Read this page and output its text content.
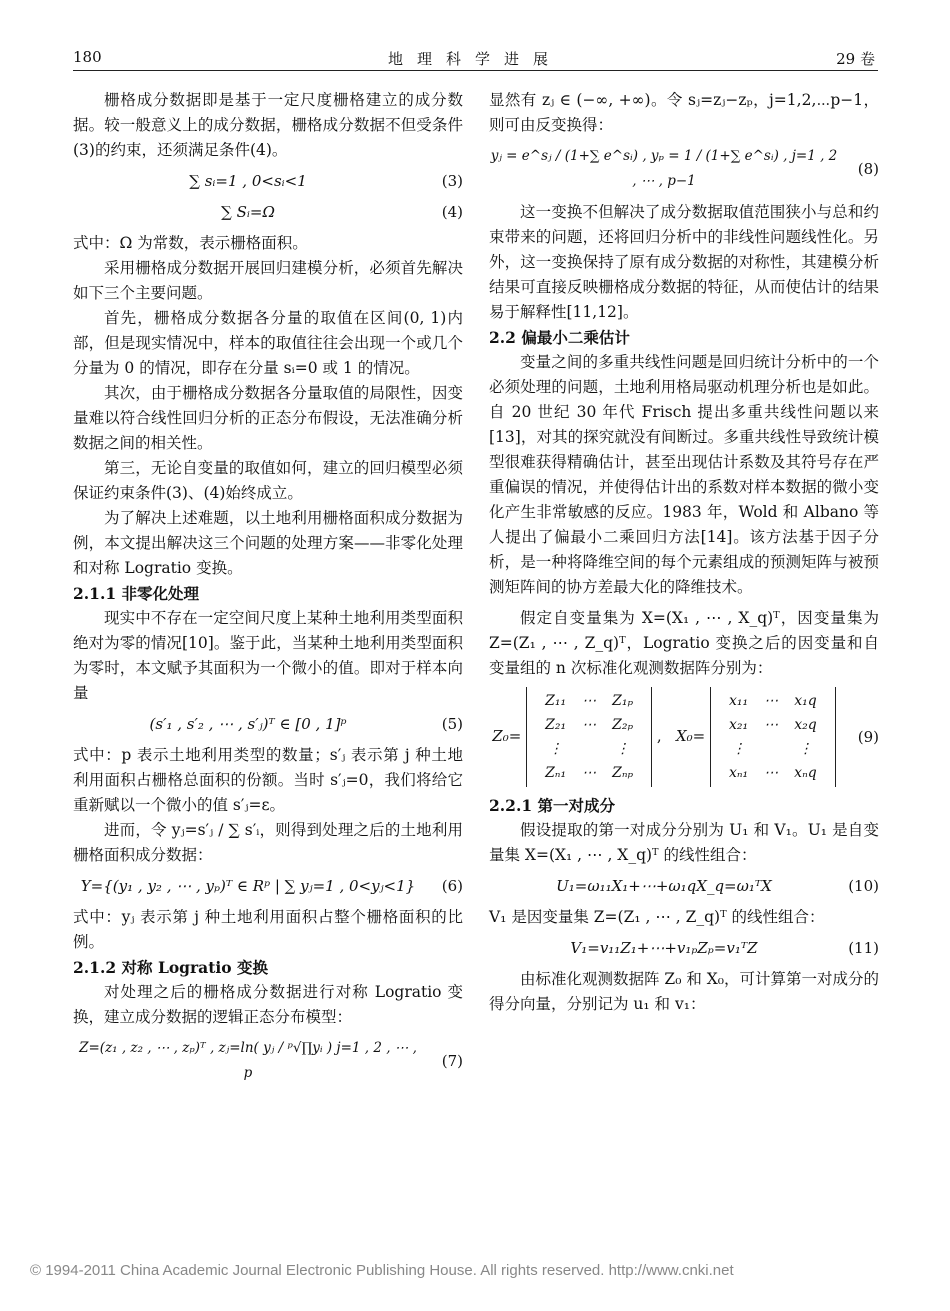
180	地理科学进展	29 卷

栅格成分数据即是基于一定尺度栅格建立的成分数据。较一般意义上的成分数据，栅格成分数据不但受条件(3)的约束，还须满足条件(4)。

∑ sᵢ=1 , 0<sᵢ<1	(3)
∑ Sᵢ=Ω	(4)

式中：Ω 为常数，表示栅格面积。

采用栅格成分数据开展回归建模分析，必须首先解决如下三个主要问题。

首先，栅格成分数据各分量的取值在区间(0, 1)内部，但是现实情况中，样本的取值往往会出现一个或几个分量为 0 的情况，即存在分量 sᵢ=0 或 1 的情况。

其次，由于栅格成分数据各分量取值的局限性，因变量难以符合线性回归分析的正态分布假设，无法准确分析数据之间的相关性。

第三，无论自变量的取值如何，建立的回归模型必须保证约束条件(3)、(4)始终成立。

为了解决上述难题，以土地利用栅格面积成分数据为例，本文提出解决这三个问题的处理方案——非零化处理和对称 Logratio 变换。

2.1.1 非零化处理

现实中不存在一定空间尺度上某种土地利用类型面积绝对为零的情况[10]。鉴于此，当某种土地利用类型面积为零时，本文赋予其面积为一个微小的值。即对于样本向量

(s′₁ , s′₂ , ⋯ , s′ⱼ)ᵀ ∈ [0 , 1]ᵖ	(5)

式中：p 表示土地利用类型的数量；s′ⱼ 表示第 j 种土地利用面积占栅格总面积的份额。当时 s′ⱼ=0，我们将给它重新赋以一个微小的值 s′ⱼ=ε。

进而，令 yⱼ=s′ⱼ / ∑ s′ᵢ，则得到处理之后的土地利用栅格面积成分数据：

Y={(y₁ , y₂ , ⋯ , yₚ)ᵀ ∈ Rᵖ | ∑ yⱼ=1 , 0<yⱼ<1}	(6)

式中：yⱼ 表示第 j 种土地利用面积占整个栅格面积的比例。

2.1.2 对称 Logratio 变换

对处理之后的栅格成分数据进行对称 Logratio 变换，建立成分数据的逻辑正态分布模型：

Z=(z₁ , z₂ , ⋯ , zₚ)ᵀ , zⱼ=ln( yⱼ / ᵖ√∏yᵢ ) j=1 , 2 , ⋯ , p
(7)

显然有 zⱼ ∈ (−∞, +∞)。令 sⱼ=zⱼ−zₚ，j=1,2,⋯p−1，则可由反变换得：

yⱼ = e^sⱼ / (1+∑ e^sᵢ) , yₚ = 1 / (1+∑ e^sᵢ) , j=1 , 2 , ⋯ , p−1
(8)

这一变换不但解决了成分数据取值范围狭小与总和约束带来的问题，还将回归分析中的非线性问题线性化。另外，这一变换保持了原有成分数据的对称性，其建模分析结果可直接反映栅格成分数据的特征，从而使估计的结果易于解释性[11,12]。

2.2 偏最小二乘估计

变量之间的多重共线性问题是回归统计分析中的一个必须处理的问题，土地利用格局驱动机理分析也是如此。自 20 世纪 30 年代 Frisch 提出多重共线性问题以来[13]，对其的探究就没有间断过。多重共线性导致统计模型很难获得精确估计，甚至出现估计系数及其符号存在严重偏误的情况，并使得估计出的系数对样本数据的微小变化产生非常敏感的反应。1983 年，Wold 和 Albano 等人提出了偏最小二乘回归方法[14]。该方法基于因子分析，是一种将降维空间的每个元素组成的预测矩阵与被预测矩阵间的协方差最大化的降维技术。

假定自变量集为 X=(X₁ , ⋯ , X_q)ᵀ，因变量集为 Z=(Z₁ , ⋯ , Z_q)ᵀ，Logratio 变换之后的因变量和自变量组的 n 次标准化观测数据阵分别为：

Z₀=
Z₁₁	⋯	Z₁ₚ
Z₂₁	⋯	Z₂ₚ
⋮		⋮
Zₙ₁	⋯	Zₙₚ
,   X₀=
x₁₁	⋯	x₁q
x₂₁	⋯	x₂q
⋮		⋮
xₙ₁	⋯	xₙq
(9)

2.2.1 第一对成分

假设提取的第一对成分分别为 U₁ 和 V₁。U₁ 是自变量集 X=(X₁ , ⋯ , X_q)ᵀ 的线性组合：

U₁=ω₁₁X₁+⋯+ω₁qX_q=ω₁ᵀX	(10)

V₁ 是因变量集 Z=(Z₁ , ⋯ , Z_q)ᵀ 的线性组合：

V₁=v₁₁Z₁+⋯+v₁ₚZₚ=v₁ᵀZ	(11)

由标准化观测数据阵 Z₀ 和 X₀，可计算第一对成分的得分向量，分别记为 u₁ 和 v₁：

© 1994-2011 China Academic Journal Electronic Publishing House. All rights reserved. http://www.cnki.net
